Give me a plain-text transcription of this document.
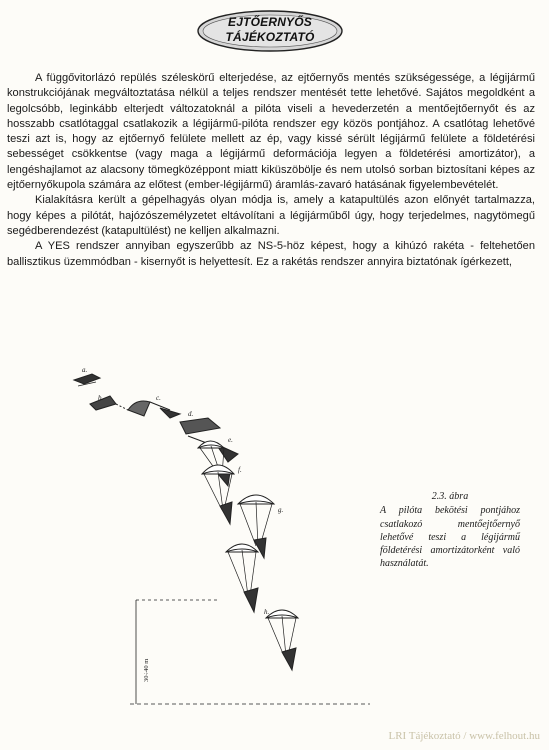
EJTŐERNYŐS
TÁJÉKOZTATÓ

A függővitorlázó repülés széleskörű elterjedése, az ejtőernyős mentés szükségessége, a légijármű konstrukciójának megváltoztatása nélkül a teljes rendszer mentését tette lehetővé. Sajátos megoldként a legolcsóbb, leginkább elterjedt változatoknál a pilóta viseli a hevederzetén a mentőejtőernyőt és az hosszabb csatlótaggal csatlakozik a légijármű-pilóta rendszer egy közös pontjához. A csatlótag lehetővé teszi azt is, hogy az ejtőernyő felülete mellett az ép, vagy kissé sérült légijármű felülete a földetérési sebességet csökkentse (vagy maga a légijármű deformációja legyen a földetérési amortizátor), a lengéshajlamot az alacsony tömegközéppont miatt kiküszöbölje és nem utolsó sorban biztosítani képes az ejtőernyőkupola számára az előtest (ember-légijármű) áramlás-zavaró hatásának figyelembevételét.

Kialakításra került a gépelhagyás olyan módja is, amely a katapultülés azon előnyét tartalmazza, hogy képes a pilótát, hajózószemélyzetet eltávolítani a légijárműből úgy, hogy terjedelmes, nagytömegű segédberendezést (katapultülést) ne kelljen alkalmazni.

A YES rendszer annyiban egyszerűbb az NS-5-höz képest, hogy a kihúzó rakéta - feltehetően ballisztikus üzemmódban - kisernyőt is helyettesít. Ez a rakétás rendszer annyira biztatónak ígérkezett,

a.
b.	c.
d.
e.
f.
g.
h.
30÷40 m
2.3. ábra
A pilóta bekötési pontjához csatlakozó mentőejtőernyő lehetővé teszi a légijármű földetérési amortizátorként való használatát.
LRI Tájékoztató / www.felhout.hu
